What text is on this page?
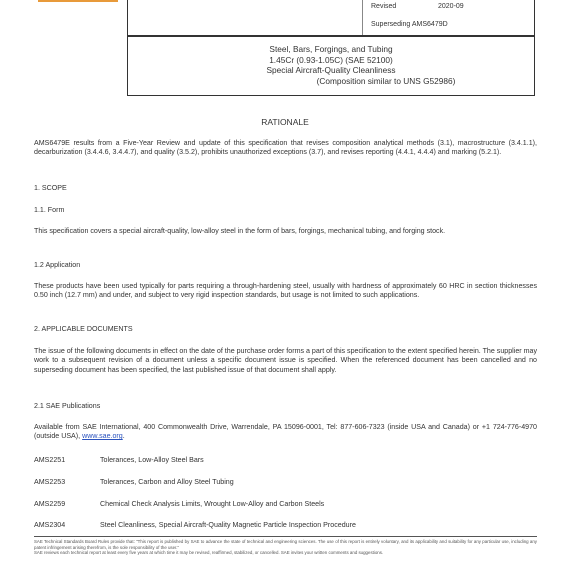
Revised	2020-09
Superseding AMS6479D
Steel, Bars, Forgings, and Tubing
1.45Cr (0.93-1.05C) (SAE 52100)
Special Aircraft-Quality Cleanliness
(Composition similar to UNS G52986)
RATIONALE
AMS6479E results from a Five-Year Review and update of this specification that revises composition analytical methods (3.1), macrostructure (3.4.1.1), decarburization (3.4.4.6, 3.4.4.7), and quality (3.5.2), prohibits unauthorized exceptions (3.7), and revises reporting (4.4.1, 4.4.4) and marking (5.2.1).
1. SCOPE
1.1. Form
This specification covers a special aircraft-quality, low-alloy steel in the form of bars, forgings, mechanical tubing, and forging stock.
1.2 Application
These products have been used typically for parts requiring a through-hardening steel, usually with hardness of approximately 60 HRC in section thicknesses 0.50 inch (12.7 mm) and under, and subject to very rigid inspection standards, but usage is not limited to such applications.
2. APPLICABLE DOCUMENTS
The issue of the following documents in effect on the date of the purchase order forms a part of this specification to the extent specified herein. The supplier may work to a subsequent revision of a document unless a specific document issue is specified. When the referenced document has been cancelled and no superseding document has been specified, the last published issue of that document shall apply.
2.1 SAE Publications
Available from SAE International, 400 Commonwealth Drive, Warrendale, PA 15096-0001, Tel: 877-606-7323 (inside USA and Canada) or +1 724-776-4970 (outside USA), www.sae.org.
AMS2251	Tolerances, Low-Alloy Steel Bars
AMS2253	Tolerances, Carbon and Alloy Steel Tubing
AMS2259	Chemical Check Analysis Limits, Wrought Low-Alloy and Carbon Steels
AMS2304	Steel Cleanliness, Special Aircraft-Quality Magnetic Particle Inspection Procedure
SAE Technical Standards Board Rules provide that: "This report is published by SAE to advance the state of technical and engineering sciences. The use of this report is entirely voluntary, and its applicability and suitability for any particular use, including any patent infringement arising therefrom, is the sole responsibility of the user."
SAE reviews each technical report at least every five years at which time it may be revised, reaffirmed, stabilized, or cancelled. SAE invites your written comments and suggestions.
